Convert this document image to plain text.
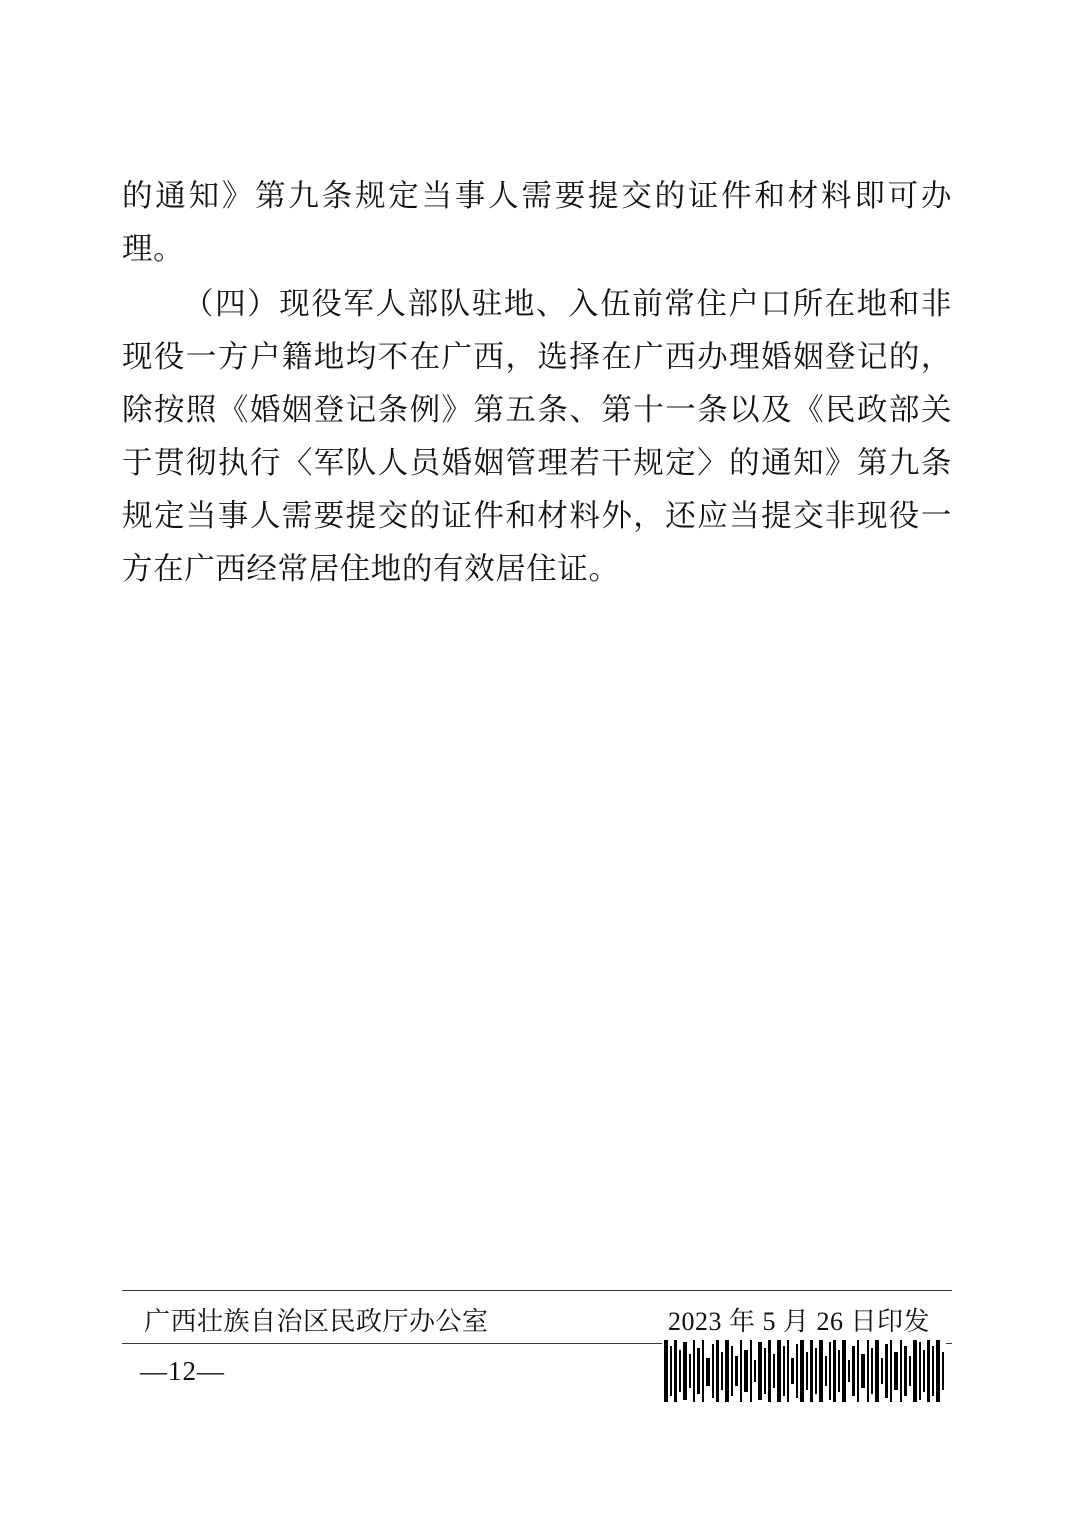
的通知》第九条规定当事人需要提交的证件和材料即可办理。

（四）现役军人部队驻地、入伍前常住户口所在地和非现役一方户籍地均不在广西，选择在广西办理婚姻登记的，除按照《婚姻登记条例》第五条、第十一条以及《民政部关于贯彻执行〈军队人员婚姻管理若干规定〉的通知》第九条规定当事人需要提交的证件和材料外，还应当提交非现役一方在广西经常居住地的有效居住证。

广西壮族自治区民政厅办公室	2023 年 5 月 26 日印发
—12—
